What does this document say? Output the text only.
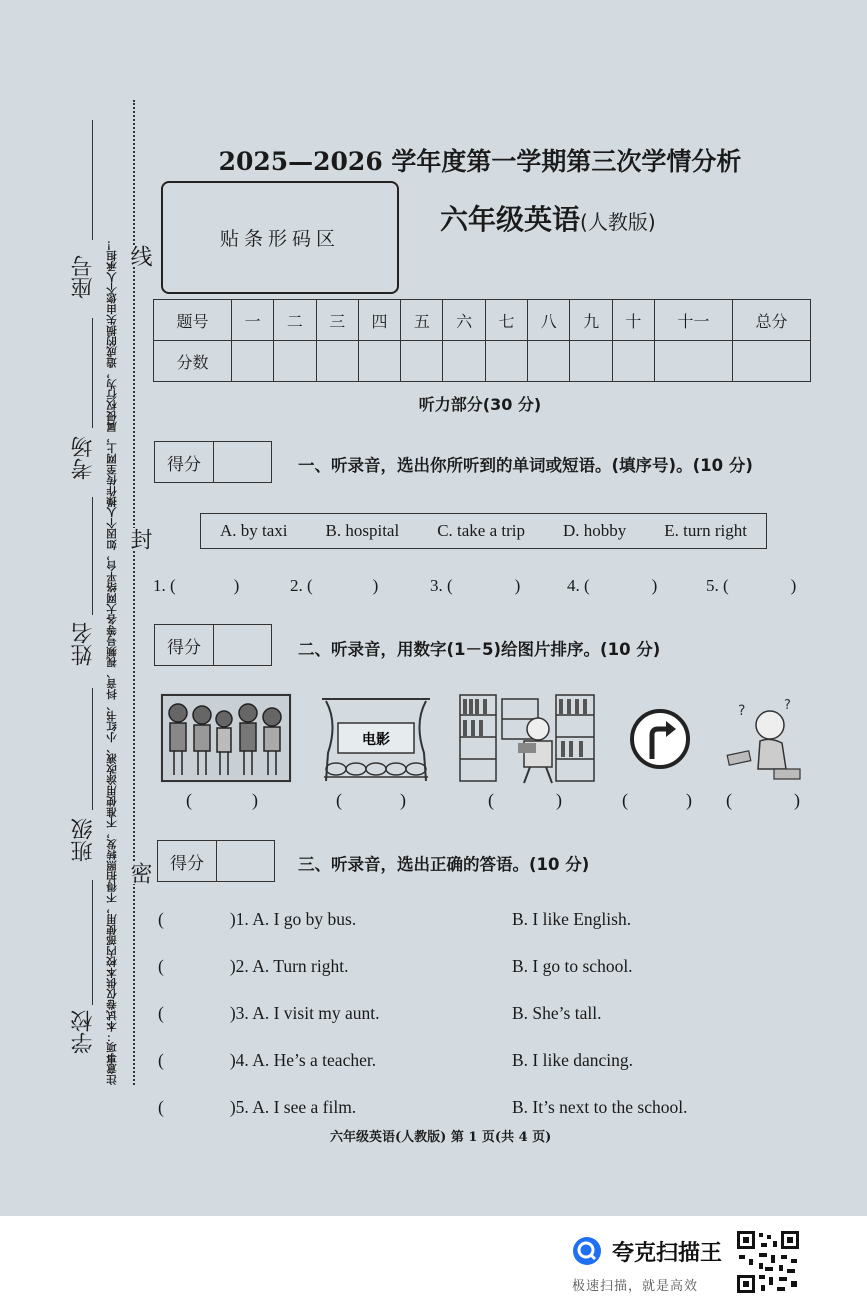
注意事项：本试卷仅供本校内部使用，不得拍照转发，不准使用涂改液、小红书、抖音、视频号等各大网络平台，如因个人操作传至网上，属侵权行为，造成的损失由您个人承担！
座号
考场
姓名
班级
学校
线
封
密
2025—2026 学年度第一学期第三次学情分析
贴条形码区
六年级英语(人教版)
题号	一	二	三	四	五	六	七	八	九	十	十一	总分
分数												
听力部分(30 分)
得分	一、听录音，选出你所听到的单词或短语。(填序号)。(10 分)
A. by taxi B. hospital C. take a trip D. hobby E. turn right
1. (	)	2. (	)	3. (	)	4. (	)	5. (	)
得分	二、听录音，用数字(1－5)给图片排序。(10 分)
电影
?	?
(	)	(	)	(	)	(	) (	)
得分	三、听录音，选出正确的答语。(10 分)
(	)1. A. I go by bus.	B. I like English.
(	)2. A. Turn right.	B. I go to school.
(	)3. A. I visit my aunt.	B. She’s tall.
(	)4. A. He’s a teacher.	B. I like dancing.
(	)5. A. I see a film.	B. It’s next to the school.
六年级英语(人教版) 第 1 页(共 4 页)
夸克扫描王
极速扫描，就是高效
